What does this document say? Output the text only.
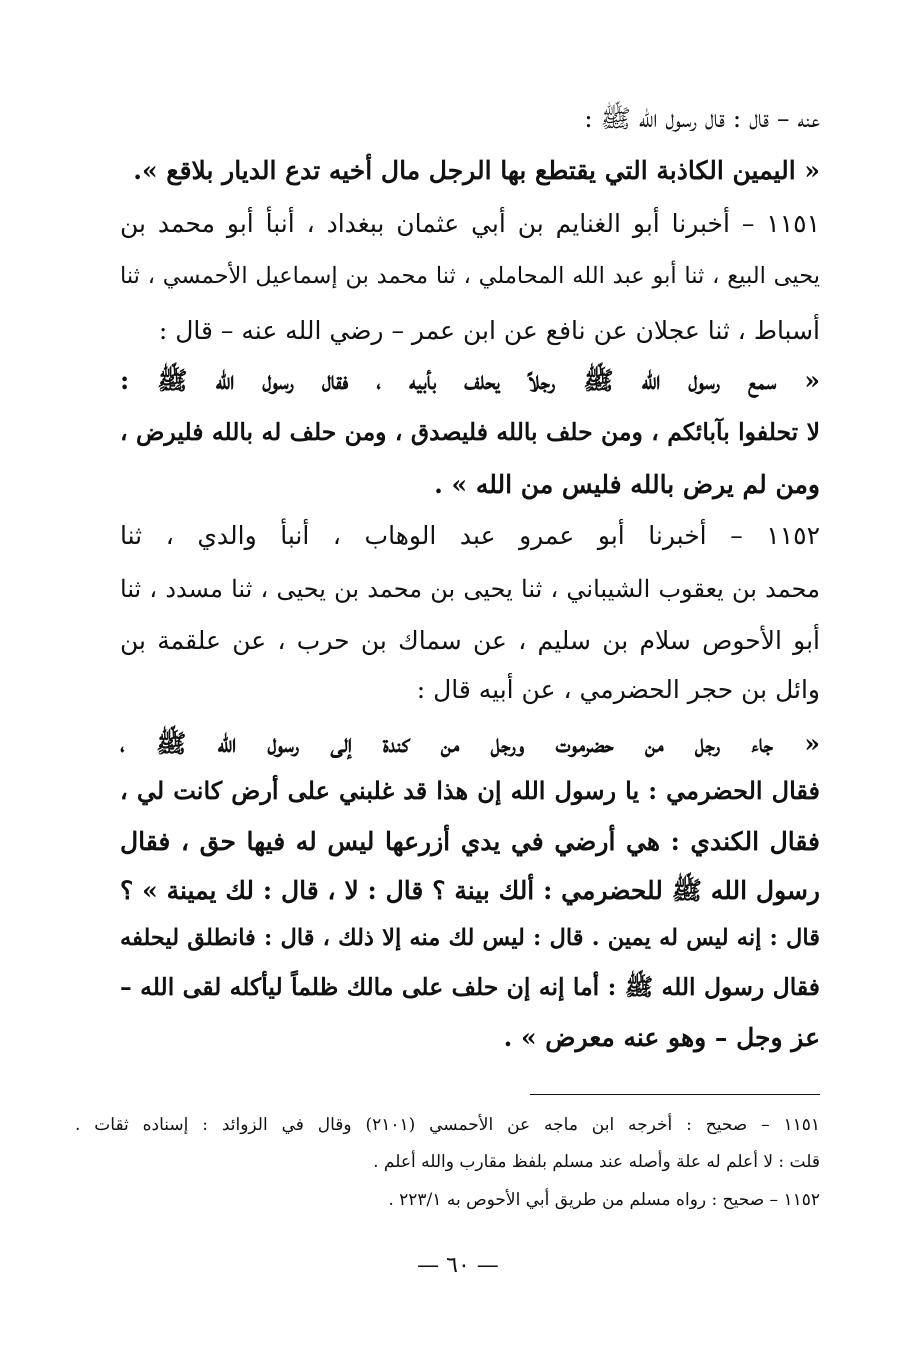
عنه – قال : قال رسول الله ﷺ :
« اليمين الكاذبة التي يقتطع بها الرجل مال أخيه تدع الديار بلاقع ».
١١٥١ – أخبرنا أبو الغنايم بن أبي عثمان ببغداد ، أنبأ أبو محمد بن
يحيى البيع ، ثنا أبو عبد الله المحاملي ، ثنا محمد بن إسماعيل الأحمسي ، ثنا
أسباط ، ثنا عجلان عن نافع عن ابن عمر – رضي الله عنه – قال :
« سمع رسول الله ﷺ رجلاً يحلف بأبيه ، فقال رسول الله ﷺ :
لا تحلفوا بآبائكم ، ومن حلف بالله فليصدق ، ومن حلف له بالله فليرض ،
ومن لم يرض بالله فليس من الله » .
١١٥٢ – أخبرنا أبو عمرو عبد الوهاب ، أنبأ والدي ، ثنا
محمد بن يعقوب الشيباني ، ثنا يحيى بن محمد بن يحيى ، ثنا مسدد ، ثنا
أبو الأحوص سلام بن سليم ، عن سماك بن حرب ، عن علقمة بن
وائل بن حجر الحضرمي ، عن أبيه قال :
« جاء رجل من حضرموت ورجل من كندة إلى رسول الله ﷺ ،
فقال الحضرمي : يا رسول الله إن هذا قد غلبني على أرض كانت لي ،
فقال الكندي : هي أرضي في يدي أزرعها ليس له فيها حق ، فقال
رسول الله ﷺ للحضرمي : ألك بينة ؟ قال : لا ، قال : لك يمينة » ؟
قال : إنه ليس له يمين . قال : ليس لك منه إلا ذلك ، قال : فانطلق ليحلفه
فقال رسول الله ﷺ : أما إنه إن حلف على مالك ظلماً ليأكله لقى الله –
عز وجل – وهو عنه معرض » .
١١٥١ – صحيح : أخرجه ابن ماجه عن الأحمسي (٢١٠١) وقال في الزوائد : إسناده ثقات .
قلت : لا أعلم له علة وأصله عند مسلم بلفظ مقارب والله أعلم .
١١٥٢ – صحيح : رواه مسلم من طريق أبي الأحوص به ٢٢٣/١ .
— ٦٠ —
